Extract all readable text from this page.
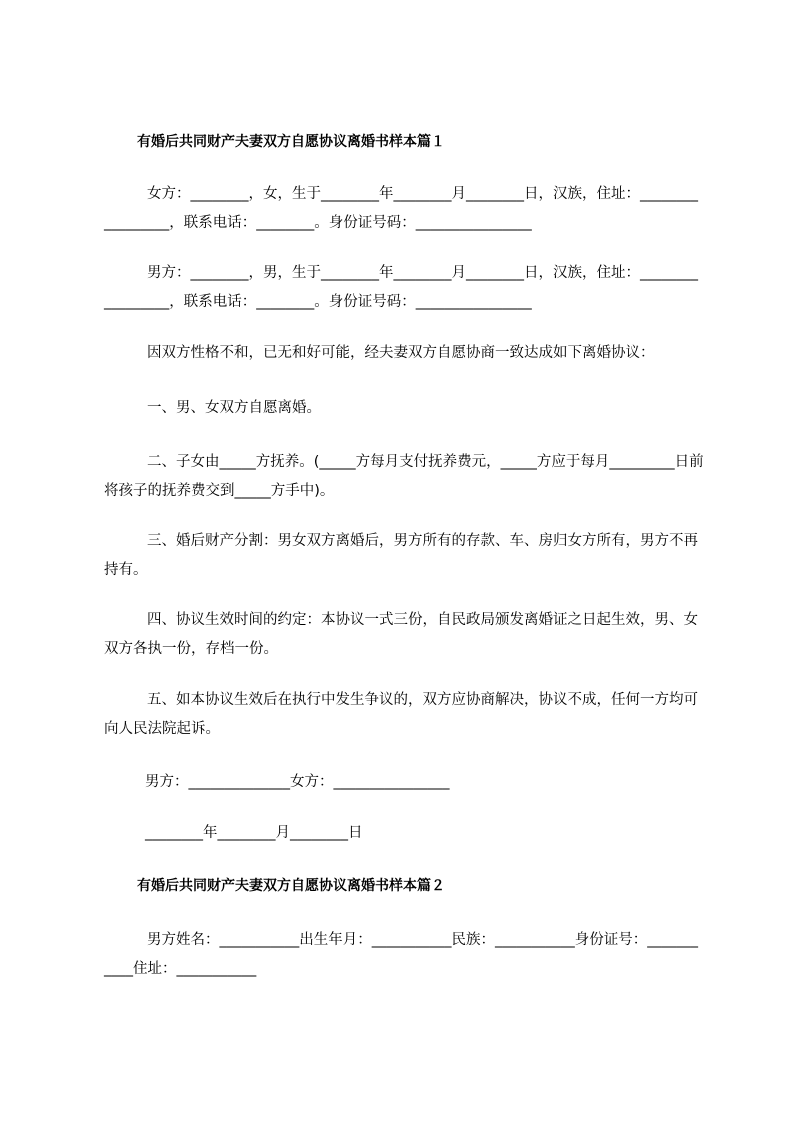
有婚后共同财产夫妻双方自愿协议离婚书样本篇１
女方：________，女，生于________年________月________日，汉族，住址：_________________，联系电话：________。身份证号码：________________
男方：________，男，生于________年________月________日，汉族，住址：_________________，联系电话：________。身份证号码：________________
因双方性格不和，已无和好可能，经夫妻双方自愿协商一致达成如下离婚协议：
一、男、女双方自愿离婚。
二、子女由_____方抚养。(_____方每月支付抚养费元，_____方应于每月_________日前将孩子的抚养费交到_____方手中)。
三、婚后财产分割：男女双方离婚后，男方所有的存款、车、房归女方所有，男方不再持有。
四、协议生效时间的约定：本协议一式三份，自民政局颁发离婚证之日起生效，男、女双方各执一份，存档一份。
五、如本协议生效后在执行中发生争议的，双方应协商解决，协议不成，任何一方均可向人民法院起诉。
男方：______________女方：________________
________年________月________日
有婚后共同财产夫妻双方自愿协议离婚书样本篇２
男方姓名：___________出生年月：___________民族：___________身份证号：___________住址：___________
